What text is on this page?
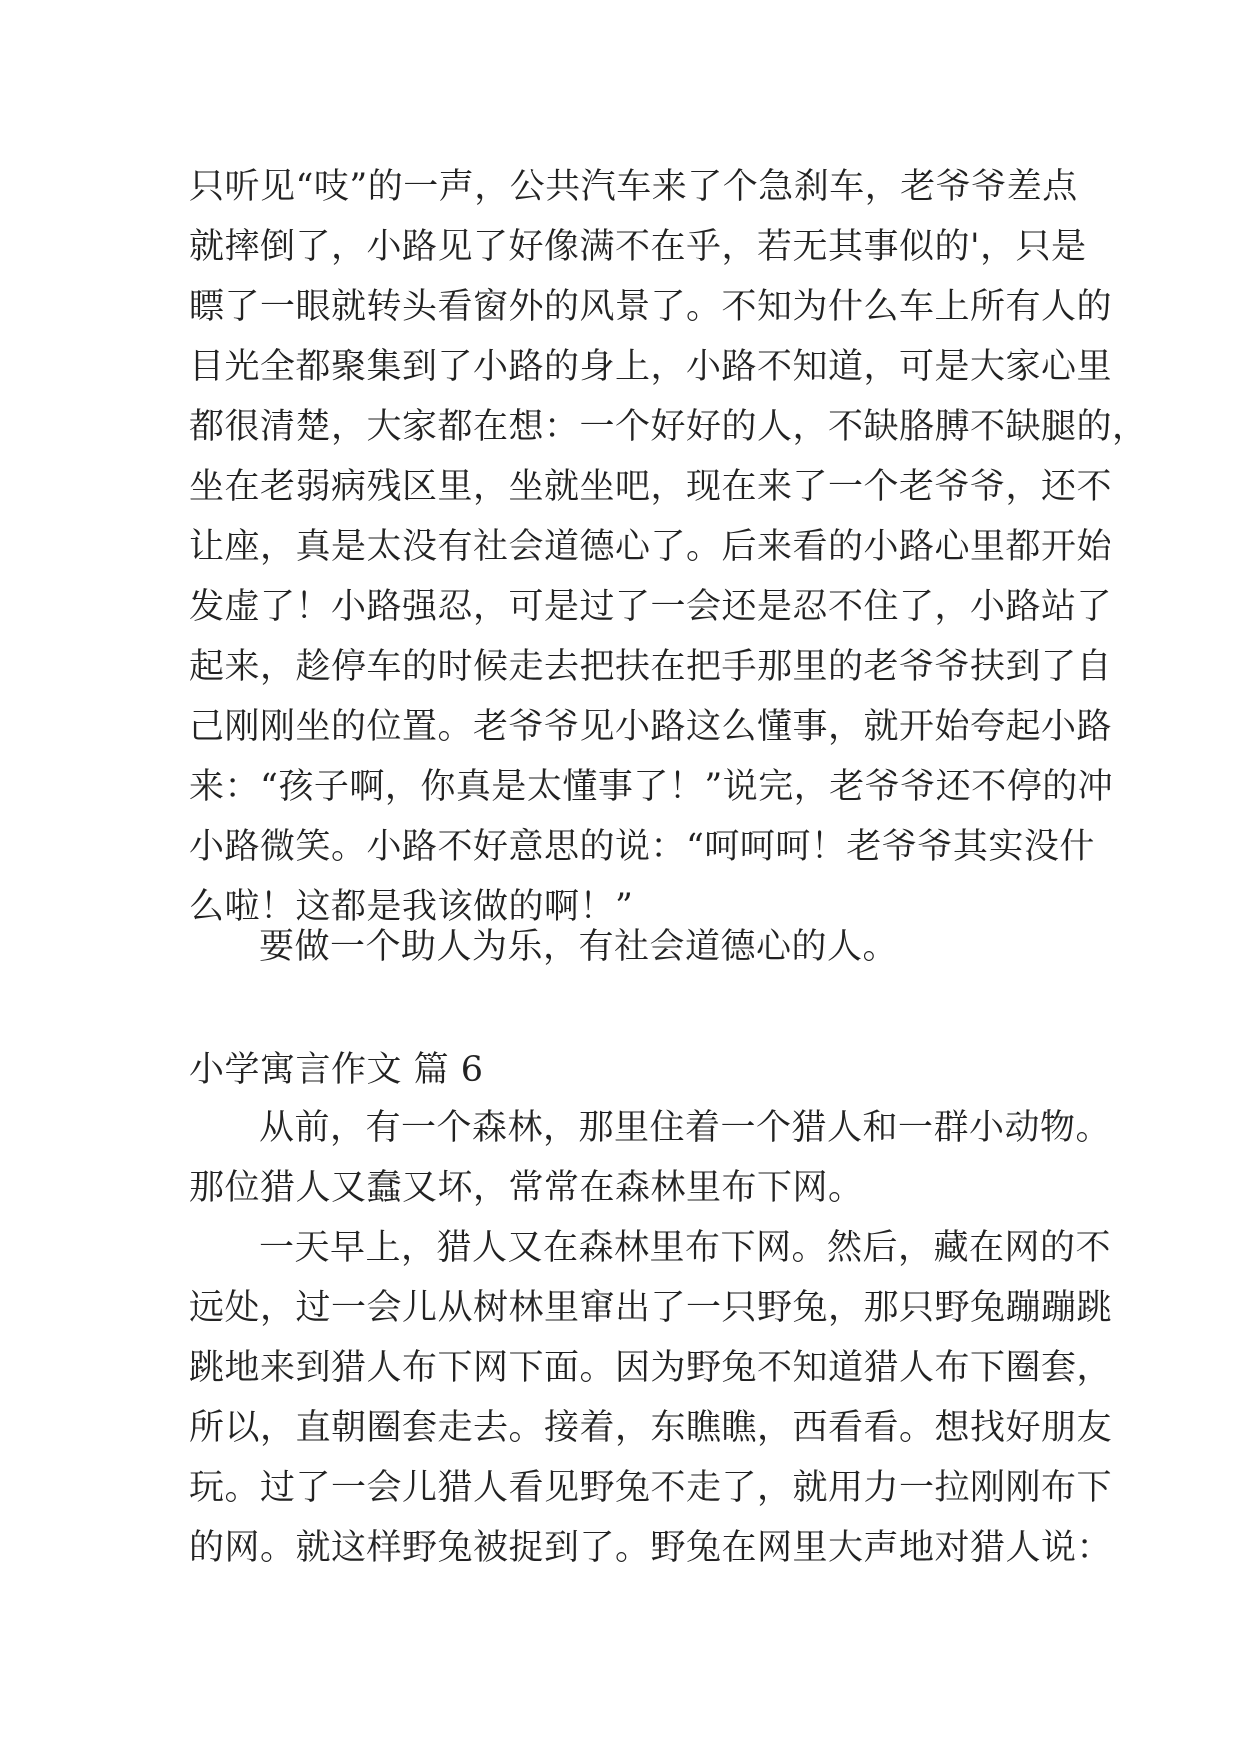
只听见“吱”的一声，公共汽车来了个急刹车，老爷爷差点
就摔倒了，小路见了好像满不在乎，若无其事似的'，只是
瞟了一眼就转头看窗外的风景了。不知为什么车上所有人的
目光全都聚集到了小路的身上，小路不知道，可是大家心里
都很清楚，大家都在想：一个好好的人，不缺胳膊不缺腿的，
坐在老弱病残区里，坐就坐吧，现在来了一个老爷爷，还不
让座，真是太没有社会道德心了。后来看的小路心里都开始
发虚了！小路强忍，可是过了一会还是忍不住了，小路站了
起来，趁停车的时候走去把扶在把手那里的老爷爷扶到了自
己刚刚坐的位置。老爷爷见小路这么懂事，就开始夸起小路
来：“孩子啊，你真是太懂事了！”说完，老爷爷还不停的冲
小路微笑。小路不好意思的说：“呵呵呵！老爷爷其实没什
么啦！这都是我该做的啊！”
要做一个助人为乐，有社会道德心的人。
小学寓言作文 篇 6
从前，有一个森林，那里住着一个猎人和一群小动物。
那位猎人又蠢又坏，常常在森林里布下网。
一天早上，猎人又在森林里布下网。然后，藏在网的不
远处，过一会儿从树林里窜出了一只野兔，那只野兔蹦蹦跳
跳地来到猎人布下网下面。因为野兔不知道猎人布下圈套，
所以，直朝圈套走去。接着，东瞧瞧，西看看。想找好朋友
玩。过了一会儿猎人看见野兔不走了，就用力一拉刚刚布下
的网。就这样野兔被捉到了。野兔在网里大声地对猎人说：
